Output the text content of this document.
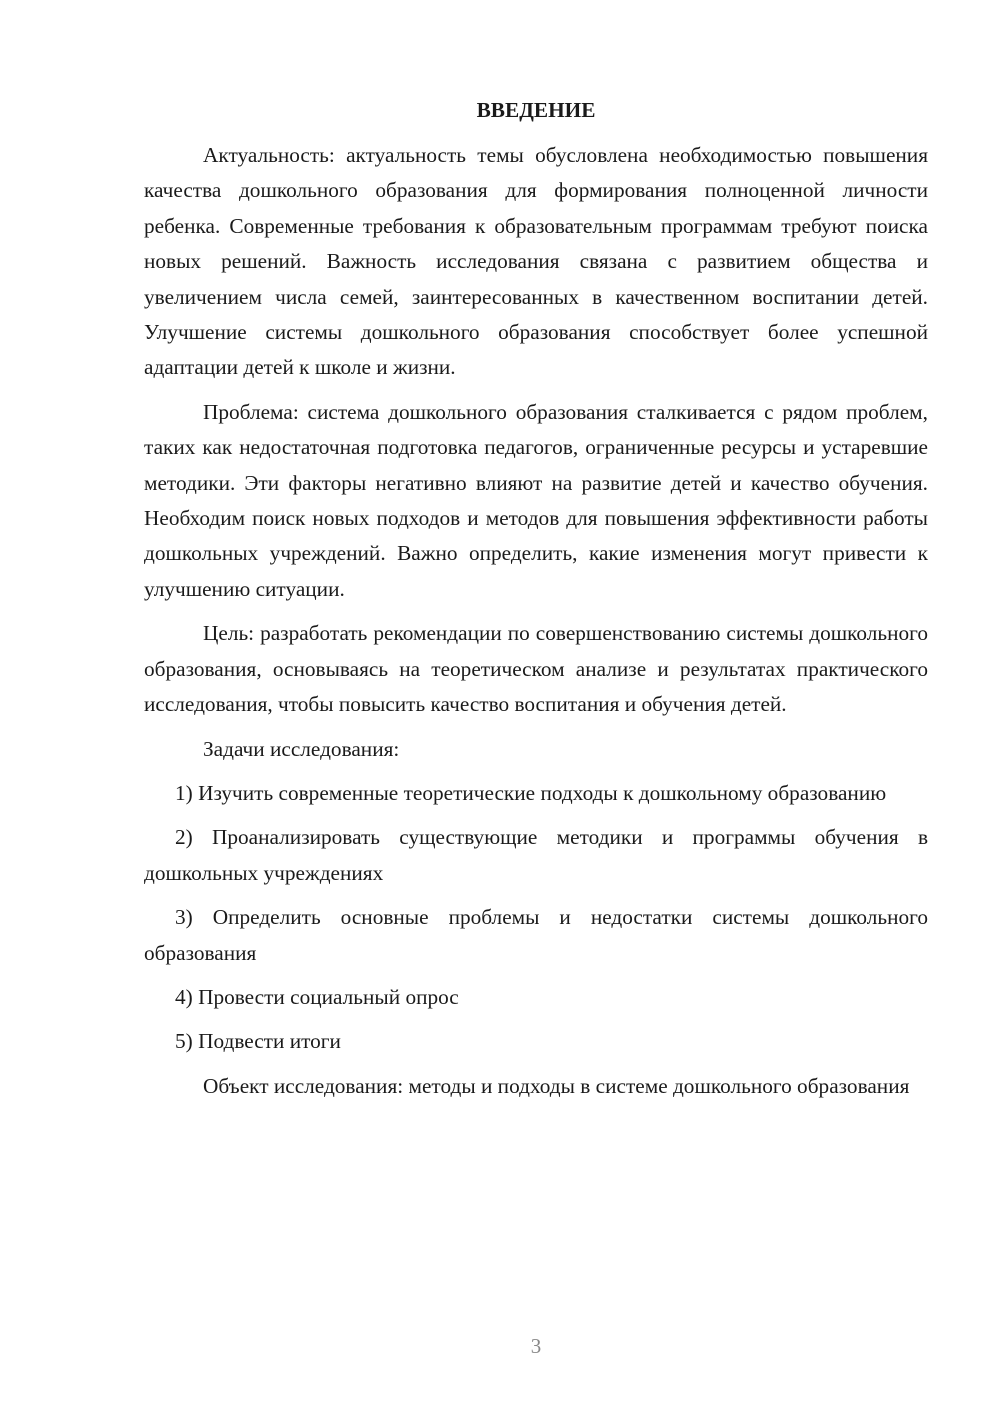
ВВЕДЕНИЕ

Актуальность: актуальность темы обусловлена необходимостью повышения качества дошкольного образования для формирования полноценной личности ребенка. Современные требования к образовательным программам требуют поиска новых решений. Важность исследования связана с развитием общества и увеличением числа семей, заинтересованных в качественном воспитании детей. Улучшение системы дошкольного образования способствует более успешной адаптации детей к школе и жизни.

Проблема: система дошкольного образования сталкивается с рядом проблем, таких как недостаточная подготовка педагогов, ограниченные ресурсы и устаревшие методики. Эти факторы негативно влияют на развитие детей и качество обучения. Необходим поиск новых подходов и методов для повышения эффективности работы дошкольных учреждений. Важно определить, какие изменения могут привести к улучшению ситуации.

Цель: разработать рекомендации по совершенствованию системы дошкольного образования, основываясь на теоретическом анализе и результатах практического исследования, чтобы повысить качество воспитания и обучения детей.

Задачи исследования:

1) Изучить современные теоретические подходы к дошкольному образованию

2) Проанализировать существующие методики и программы обучения в дошкольных учреждениях

3) Определить основные проблемы и недостатки системы дошкольного образования

4) Провести социальный опрос

5) Подвести итоги

Объект исследования: методы и подходы в системе дошкольного образования

3
